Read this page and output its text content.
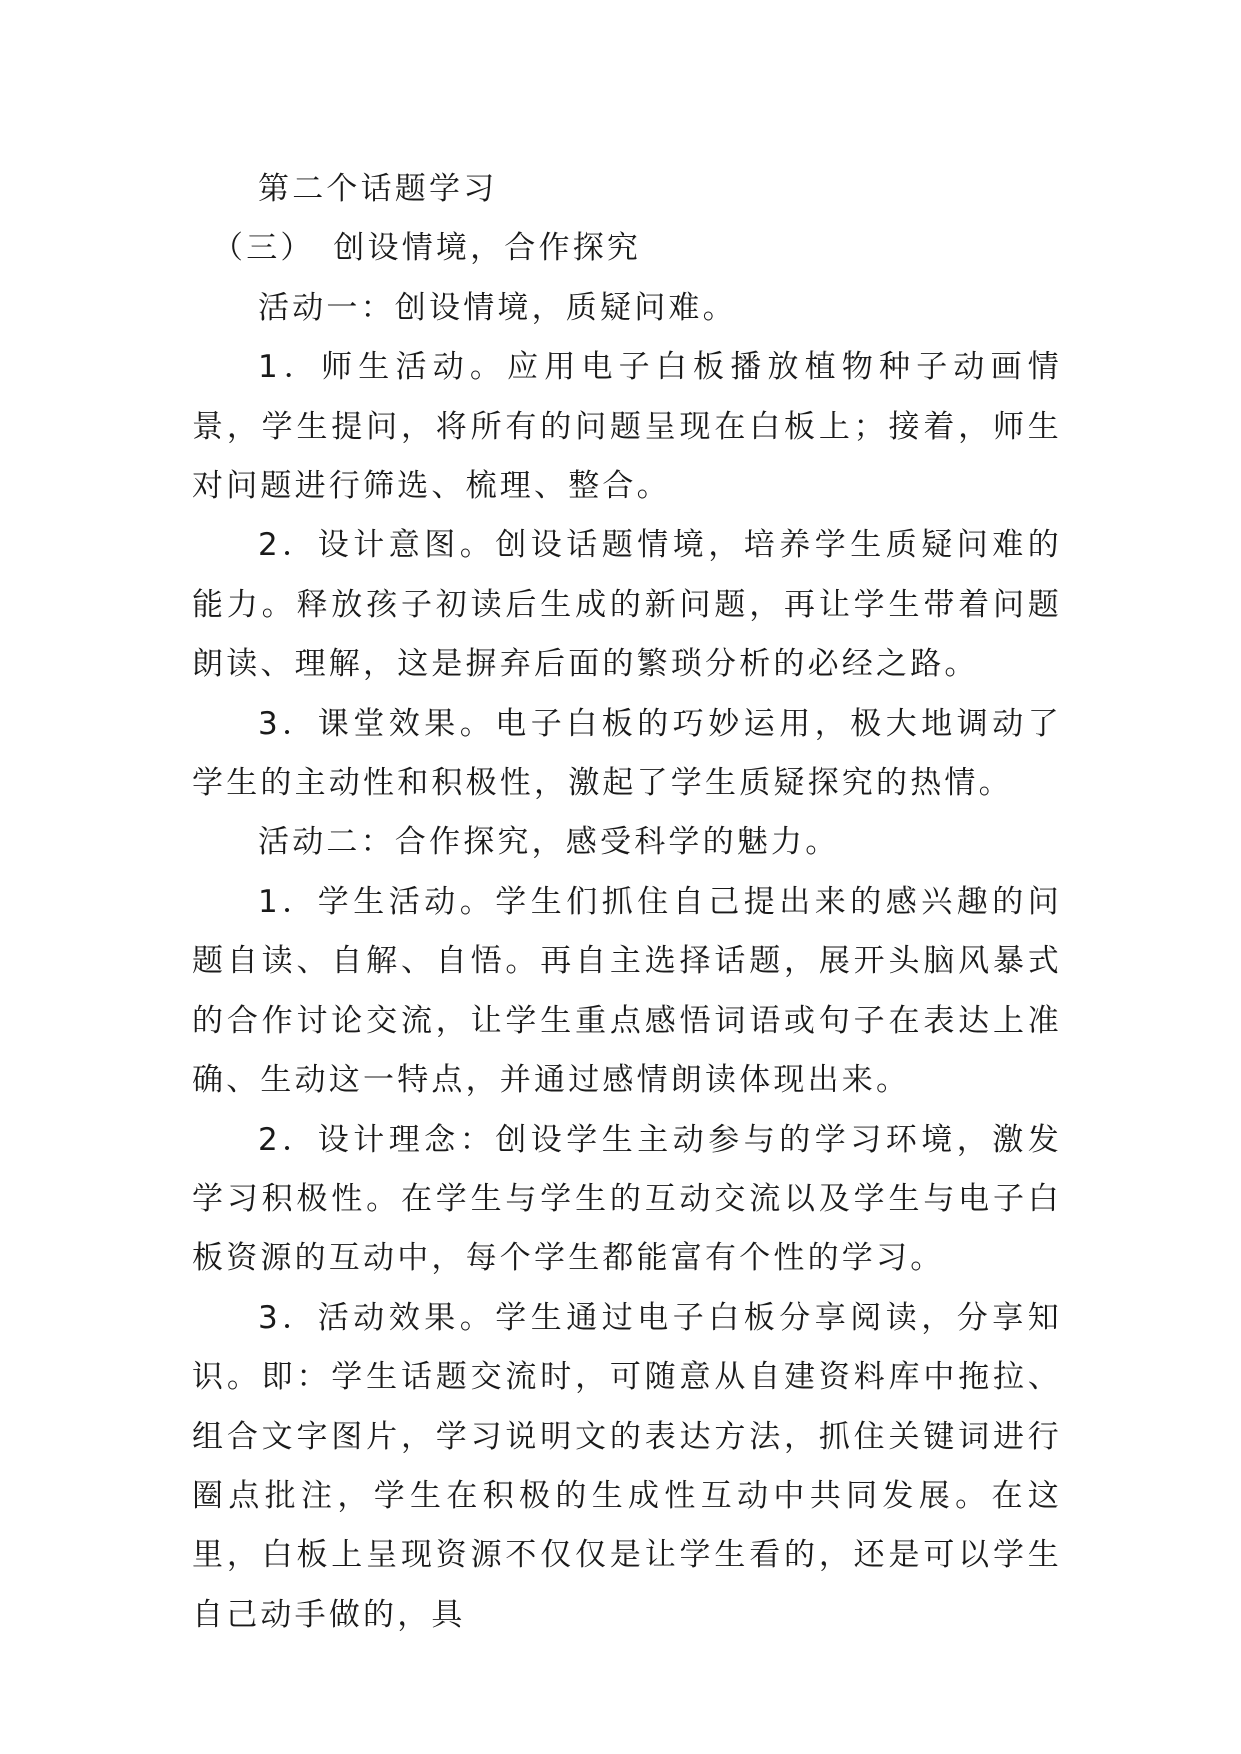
第二个话题学习

（三）　创设情境，合作探究

活动一：创设情境，质疑问难。

1．师生活动。应用电子白板播放植物种子动画情景，学生提问，将所有的问题呈现在白板上；接着，师生对问题进行筛选、梳理、整合。

2．设计意图。创设话题情境，培养学生质疑问难的能力。释放孩子初读后生成的新问题，再让学生带着问题朗读、理解，这是摒弃后面的繁琐分析的必经之路。

3．课堂效果。电子白板的巧妙运用，极大地调动了学生的主动性和积极性，激起了学生质疑探究的热情。

活动二：合作探究，感受科学的魅力。

1．学生活动。学生们抓住自己提出来的感兴趣的问题自读、自解、自悟。再自主选择话题，展开头脑风暴式的合作讨论交流，让学生重点感悟词语或句子在表达上准确、生动这一特点，并通过感情朗读体现出来。

2．设计理念：创设学生主动参与的学习环境，激发学习积极性。在学生与学生的互动交流以及学生与电子白板资源的互动中，每个学生都能富有个性的学习。

3．活动效果。学生通过电子白板分享阅读，分享知识。即：学生话题交流时，可随意从自建资料库中拖拉、组合文字图片，学习说明文的表达方法，抓住关键词进行圈点批注，学生在积极的生成性互动中共同发展。在这里，白板上呈现资源不仅仅是让学生看的，还是可以学生自己动手做的，具
